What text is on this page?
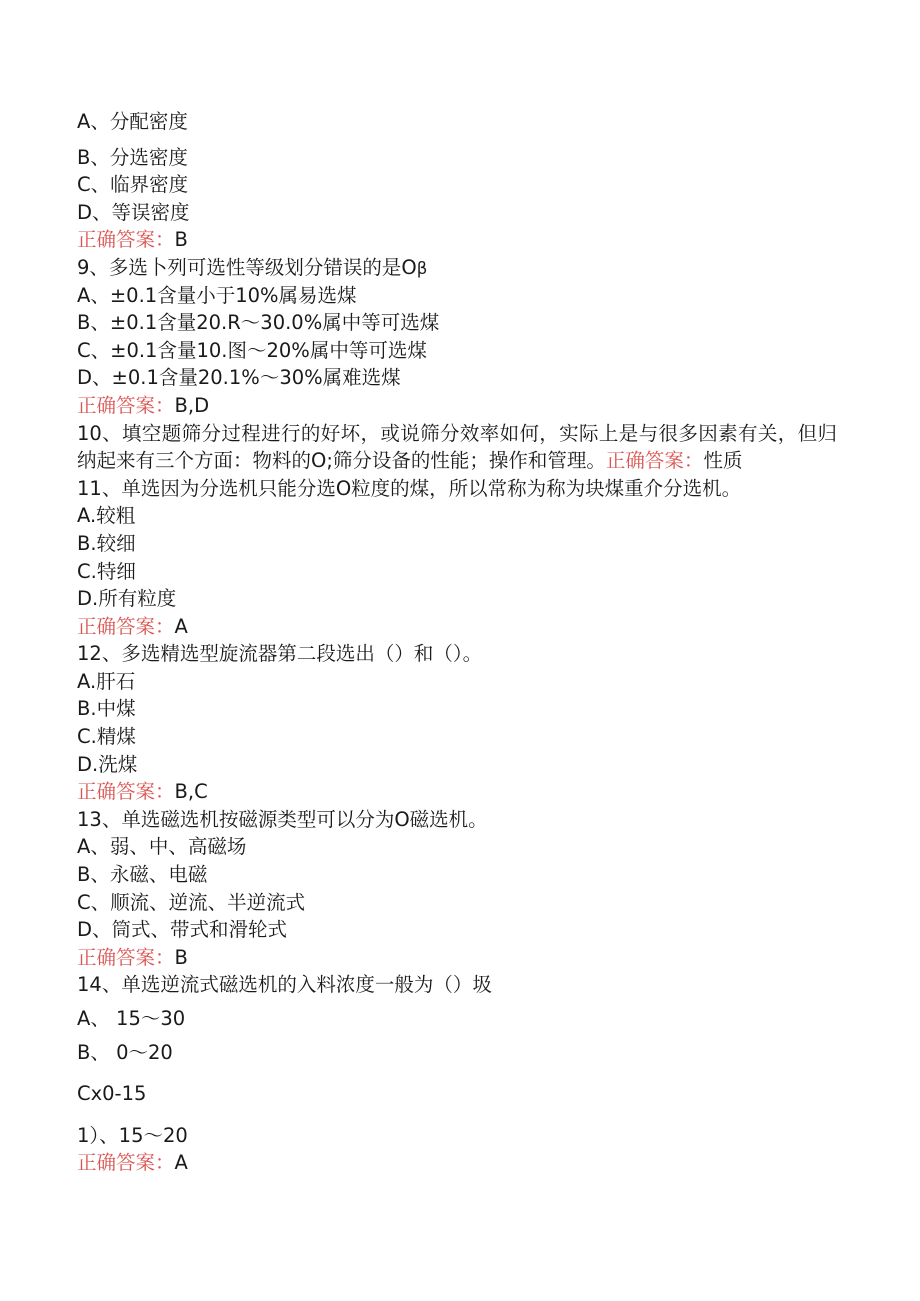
A、分配密度
B、分选密度
C、临界密度
D、等误密度
正确答案：B
9、多选卜列可选性等级划分错误的是Oβ
A、±0.1含量小于10%属易选煤
B、±0.1含量20.R〜30.0%属中等可选煤
C、±0.1含量10.图〜20%属中等可选煤
D、±0.1含量20.1%〜30%属难选煤
正确答案：B,D
10、填空题筛分过程进行的好坏，或说筛分效率如何，实际上是与很多因素有关，但归纳起来有三个方面：物料的O;筛分设备的性能；操作和管理。正确答案：性质
11、单选因为分选机只能分选O粒度的煤，所以常称为称为块煤重介分选机。
A.较粗
B.较细
C.特细
D.所有粒度
正确答案：A
12、多选精选型旋流器第二段选出（）和（）。
A.肝石
B.中煤
C.精煤
D.洗煤
正确答案：B,C
13、单选磁选机按磁源类型可以分为O磁选机。
A、弱、中、高磁场
B、永磁、电磁
C、顺流、逆流、半逆流式
D、筒式、带式和滑轮式
正确答案：B
14、单选逆流式磁选机的入料浓度一般为（）圾
A、 15〜30
B、 0〜20
Cx0-15
1）、15〜20
正确答案：A
